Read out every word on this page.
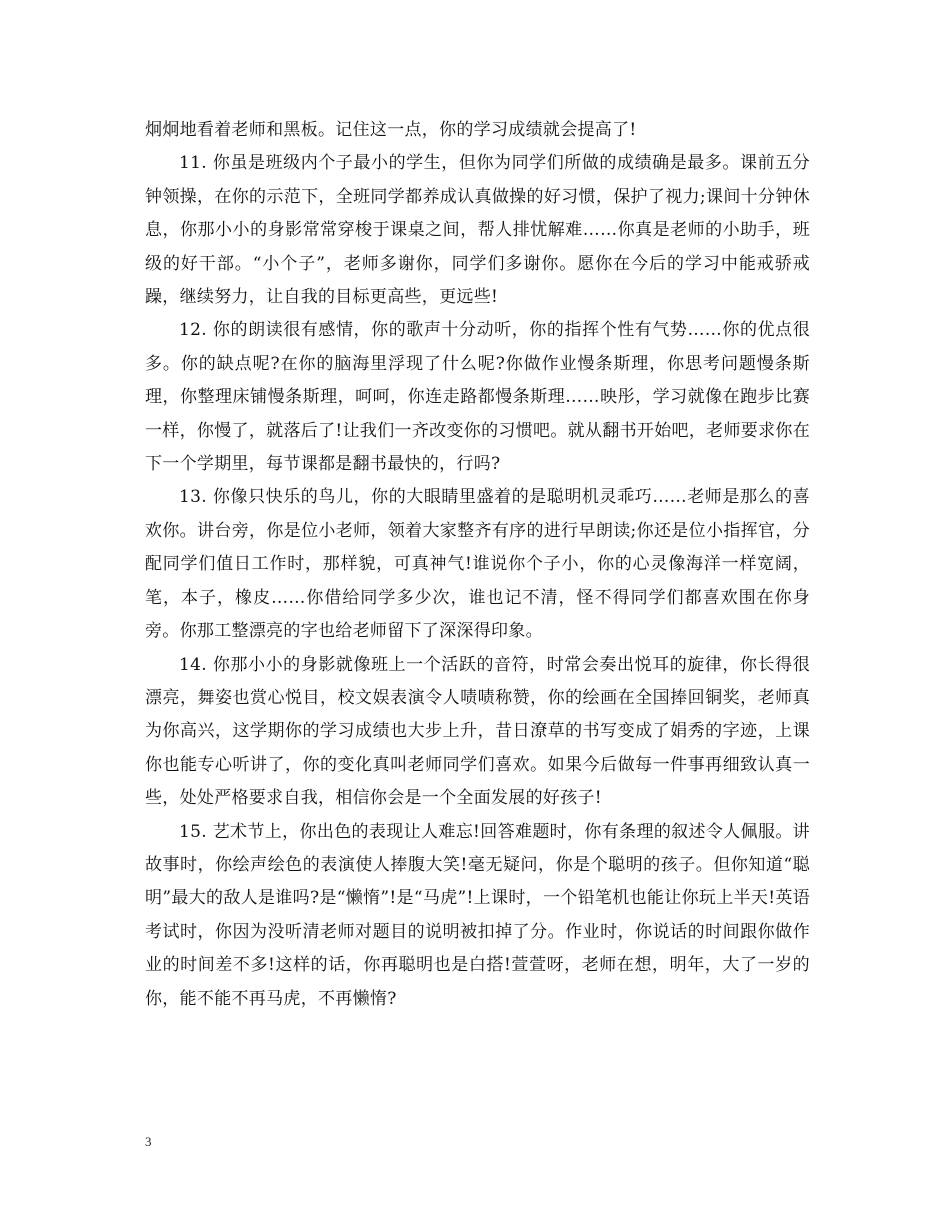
炯炯地看着老师和黑板。记住这一点，你的学习成绩就会提高了!

11. 你虽是班级内个子最小的学生，但你为同学们所做的成绩确是最多。课前五分钟领操，在你的示范下，全班同学都养成认真做操的好习惯，保护了视力;课间十分钟休息，你那小小的身影常常穿梭于课桌之间，帮人排忧解难……你真是老师的小助手，班级的好干部。“小个子”，老师多谢你，同学们多谢你。愿你在今后的学习中能戒骄戒躁，继续努力，让自我的目标更高些，更远些!

12. 你的朗读很有感情，你的歌声十分动听，你的指挥个性有气势……你的优点很多。你的缺点呢?在你的脑海里浮现了什么呢?你做作业慢条斯理，你思考问题慢条斯理，你整理床铺慢条斯理，呵呵，你连走路都慢条斯理……映彤，学习就像在跑步比赛一样，你慢了，就落后了!让我们一齐改变你的习惯吧。就从翻书开始吧，老师要求你在下一个学期里，每节课都是翻书最快的，行吗?

13. 你像只快乐的鸟儿，你的大眼睛里盛着的是聪明机灵乖巧……老师是那么的喜欢你。讲台旁，你是位小老师，领着大家整齐有序的进行早朗读;你还是位小指挥官，分配同学们值日工作时，那样貌，可真神气!谁说你个子小，你的心灵像海洋一样宽阔，笔，本子，橡皮……你借给同学多少次，谁也记不清，怪不得同学们都喜欢围在你身旁。你那工整漂亮的字也给老师留下了深深得印象。

14. 你那小小的身影就像班上一个活跃的音符，时常会奏出悦耳的旋律，你长得很漂亮，舞姿也赏心悦目，校文娱表演令人啧啧称赞，你的绘画在全国捧回铜奖，老师真为你高兴，这学期你的学习成绩也大步上升，昔日潦草的书写变成了娟秀的字迹，上课你也能专心听讲了，你的变化真叫老师同学们喜欢。如果今后做每一件事再细致认真一些，处处严格要求自我，相信你会是一个全面发展的好孩子!

15. 艺术节上，你出色的表现让人难忘!回答难题时，你有条理的叙述令人佩服。讲故事时，你绘声绘色的表演使人捧腹大笑!毫无疑问，你是个聪明的孩子。但你知道“聪明”最大的敌人是谁吗?是“懒惰”!是“马虎”!上课时，一个铅笔机也能让你玩上半天!英语考试时，你因为没听清老师对题目的说明被扣掉了分。作业时，你说话的时间跟你做作业的时间差不多!这样的话，你再聪明也是白搭!萱萱呀，老师在想，明年，大了一岁的你，能不能不再马虎，不再懒惰?

3
